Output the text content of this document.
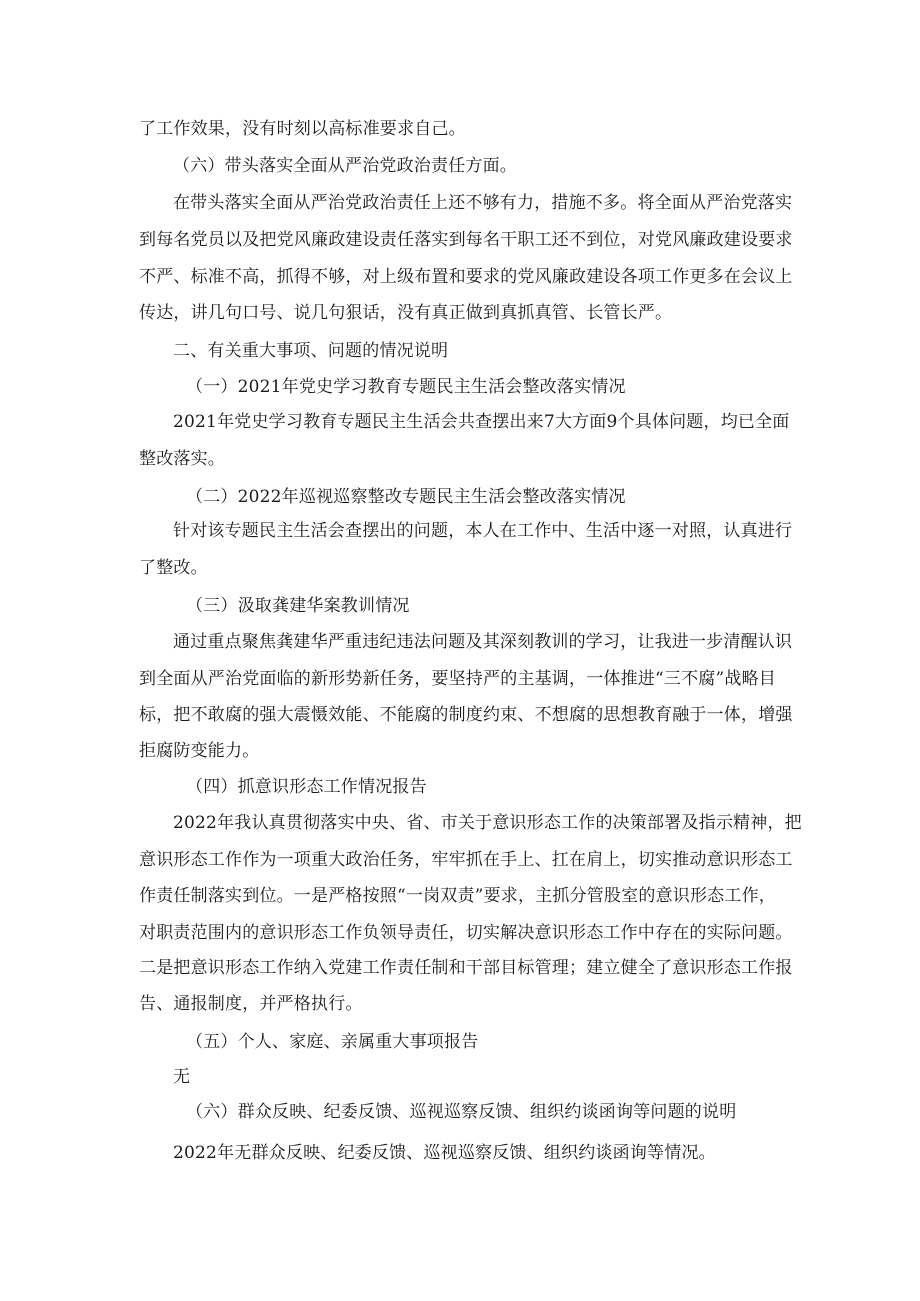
了工作效果，没有时刻以高标准要求自己。
（六）带头落实全面从严治党政治责任方面。
在带头落实全面从严治党政治责任上还不够有力，措施不多。将全面从严治党落实
到每名党员以及把党风廉政建设责任落实到每名干职工还不到位，对党风廉政建设要求
不严、标准不高，抓得不够，对上级布置和要求的党风廉政建设各项工作更多在会议上
传达，讲几句口号、说几句狠话，没有真正做到真抓真管、长管长严。
二、有关重大事项、问题的情况说明
（一）2021年党史学习教育专题民主生活会整改落实情况
2021年党史学习教育专题民主生活会共查摆出来7大方面9个具体问题，均已全面
整改落实。
（二）2022年巡视巡察整改专题民主生活会整改落实情况
针对该专题民主生活会查摆出的问题，本人在工作中、生活中逐一对照，认真进行
了整改。
（三）汲取龚建华案教训情况
通过重点聚焦龚建华严重违纪违法问题及其深刻教训的学习，让我进一步清醒认识
到全面从严治党面临的新形势新任务，要坚持严的主基调，一体推进“三不腐”战略目
标，把不敢腐的强大震慑效能、不能腐的制度约束、不想腐的思想教育融于一体，增强
拒腐防变能力。
（四）抓意识形态工作情况报告
2022年我认真贯彻落实中央、省、市关于意识形态工作的决策部署及指示精神，把
意识形态工作作为一项重大政治任务，牢牢抓在手上、扛在肩上，切实推动意识形态工
作责任制落实到位。一是严格按照“一岗双责”要求，主抓分管股室的意识形态工作，
对职责范围内的意识形态工作负领导责任，切实解决意识形态工作中存在的实际问题。
二是把意识形态工作纳入党建工作责任制和干部目标管理；建立健全了意识形态工作报
告、通报制度，并严格执行。
（五）个人、家庭、亲属重大事项报告
无
（六）群众反映、纪委反馈、巡视巡察反馈、组织约谈函询等问题的说明
2022年无群众反映、纪委反馈、巡视巡察反馈、组织约谈函询等情况。
